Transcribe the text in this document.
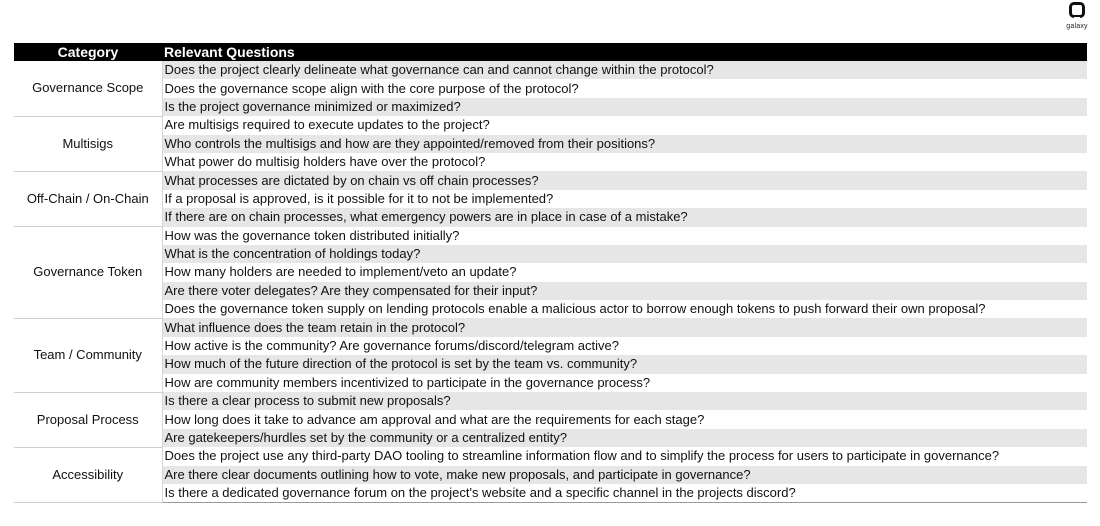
galaxy
Category	Relevant Questions
Governance Scope	Does the project clearly delineate what governance can and cannot change within the protocol?
	Does the governance scope align with the core purpose of the protocol?
	Is the project governance minimized or maximized?
Multisigs	Are multisigs required to execute updates to the project?
	Who controls the multisigs and how are they appointed/removed from their positions?
	What power do multisig holders have over the protocol?
Off-Chain / On-Chain	What processes are dictated by on chain vs off chain processes?
	If a proposal is approved, is it possible for it to not be implemented?
	If there are on chain processes, what emergency powers are in place in case of a mistake?
Governance Token	How was the governance token distributed initially?
	What is the concentration of holdings today?
	How many holders are needed to implement/veto an update?
	Are there voter delegates? Are they compensated for their input?
	Does the governance token supply on lending protocols enable a malicious actor to borrow enough tokens to push forward their own proposal?
Team / Community	What influence does the team retain in the protocol?
	How active is the community? Are governance forums/discord/telegram active?
	How much of the future direction of the protocol is set by the team vs. community?
	How are community members incentivized to participate in the governance process?
Proposal Process	Is there a clear process to submit new proposals?
	How long does it take to advance am approval and what are the requirements for each stage?
	Are gatekeepers/hurdles set by the community or a centralized entity?
Accessibility	Does the project use any third-party DAO tooling to streamline information flow and to simplify the process for users to participate in governance?
	Are there clear documents outlining how to vote, make new proposals, and participate in governance?
	Is there a dedicated governance forum on the project's website and a specific channel in the projects discord?
